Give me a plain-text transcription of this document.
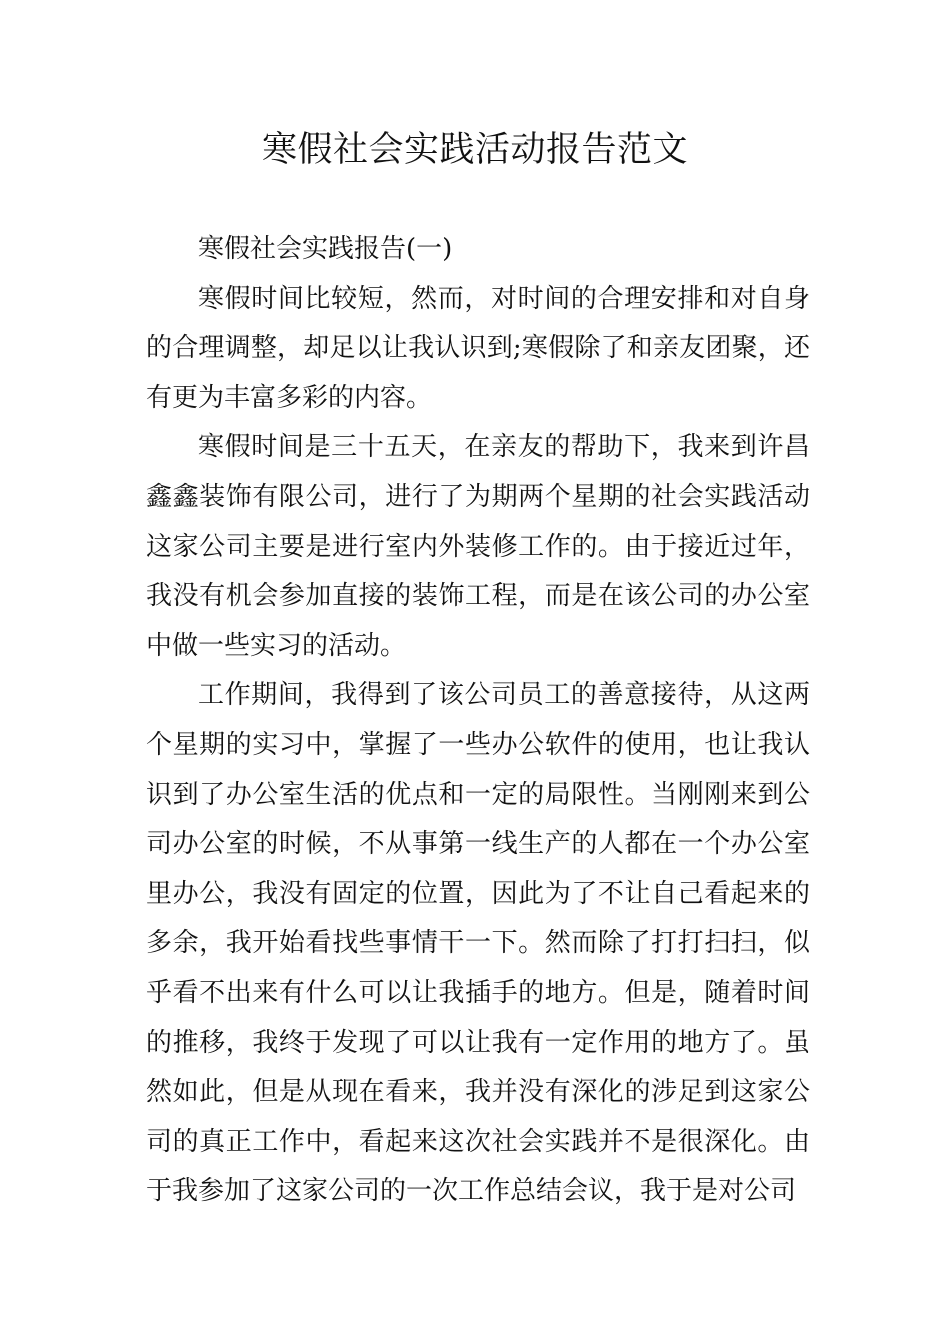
寒假社会实践活动报告范文

寒假社会实践报告(一)

寒假时间比较短，然而，对时间的合理安排和对自身的合理调整，却足以让我认识到;寒假除了和亲友团聚，还有更为丰富多彩的内容。

寒假时间是三十五天，在亲友的帮助下，我来到许昌鑫鑫装饰有限公司，进行了为期两个星期的社会实践活动这家公司主要是进行室内外装修工作的。由于接近过年，我没有机会参加直接的装饰工程，而是在该公司的办公室中做一些实习的活动。

工作期间，我得到了该公司员工的善意接待，从这两个星期的实习中，掌握了一些办公软件的使用，也让我认识到了办公室生活的优点和一定的局限性。当刚刚来到公司办公室的时候，不从事第一线生产的人都在一个办公室里办公，我没有固定的位置，因此为了不让自己看起来的多余，我开始看找些事情干一下。然而除了打打扫扫，似乎看不出来有什么可以让我插手的地方。但是，随着时间的推移，我终于发现了可以让我有一定作用的地方了。虽然如此，但是从现在看来，我并没有深化的涉足到这家公司的真正工作中，看起来这次社会实践并不是很深化。由于我参加了这家公司的一次工作总结会议，我于是对公司
